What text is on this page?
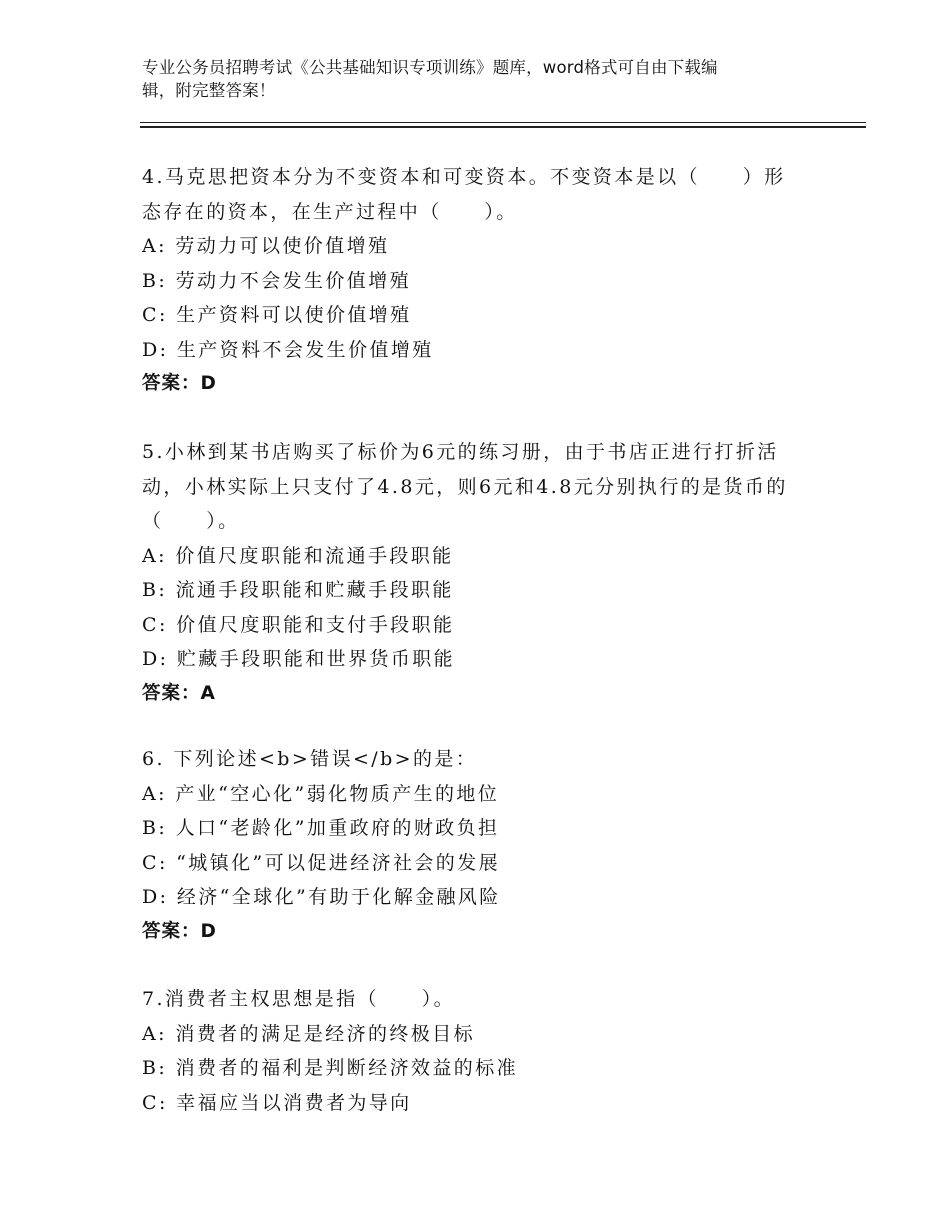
专业公务员招聘考试《公共基础知识专项训练》题库，word格式可自由下载编
辑，附完整答案！
4.马克思把资本分为不变资本和可变资本。不变资本是以（　　）形
态存在的资本，在生产过程中（　　）。
A: 劳动力可以使价值增殖
B: 劳动力不会发生价值增殖
C: 生产资料可以使价值增殖
D: 生产资料不会发生价值增殖
答案：D
5.小林到某书店购买了标价为6元的练习册，由于书店正进行打折活
动，小林实际上只支付了4.8元，则6元和4.8元分别执行的是货币的
（　　）。
A: 价值尺度职能和流通手段职能
B: 流通手段职能和贮藏手段职能
C: 价值尺度职能和支付手段职能
D: 贮藏手段职能和世界货币职能
答案：A
6. 下列论述<b>错误</b>的是：
A: 产业“空心化”弱化物质产生的地位
B: 人口“老龄化”加重政府的财政负担
C: “城镇化”可以促进经济社会的发展
D: 经济“全球化”有助于化解金融风险
答案：D
7.消费者主权思想是指（　　）。
A: 消费者的满足是经济的终极目标
B: 消费者的福利是判断经济效益的标准
C: 幸福应当以消费者为导向
